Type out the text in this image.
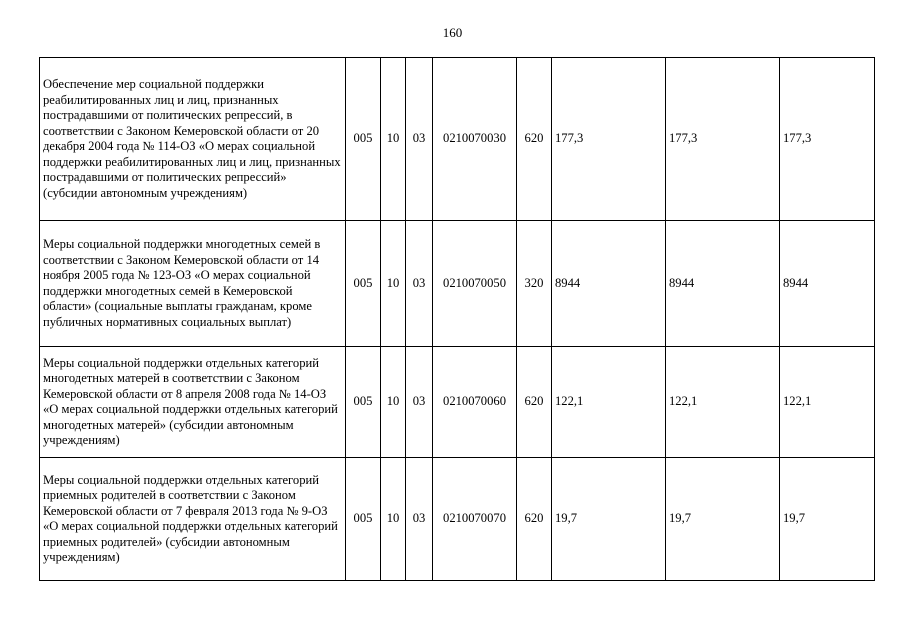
160
Обеспечение мер социальной поддержки реабилитированных лиц и лиц, признанных пострадавшими от политических репрессий, в соответствии с Законом Кемеровской области от 20 декабря 2004 года № 114-ОЗ «О мерах социальной поддержки реабилитированных лиц и лиц, признанных пострадавшими от политических репрессий» (субсидии автономным учреждениям)	005	10	03	0210070030	620	177,3	177,3	177,3
Меры социальной поддержки многодетных семей в соответствии с Законом Кемеровской области от 14 ноября 2005 года № 123-ОЗ «О мерах социальной поддержки многодетных семей в Кемеровской области» (социальные выплаты гражданам, кроме публичных нормативных социальных выплат)	005	10	03	0210070050	320	8944	8944	8944
Меры социальной поддержки отдельных категорий многодетных матерей в соответствии с Законом Кемеровской области от 8 апреля 2008 года № 14-ОЗ «О мерах социальной поддержки отдельных категорий многодетных матерей» (субсидии автономным учреждениям)	005	10	03	0210070060	620	122,1	122,1	122,1
Меры социальной поддержки отдельных категорий приемных родителей в соответствии с Законом Кемеровской области от 7 февраля 2013 года № 9-ОЗ «О мерах социальной поддержки отдельных категорий приемных родителей» (субсидии автономным учреждениям)	005	10	03	0210070070	620	19,7	19,7	19,7
